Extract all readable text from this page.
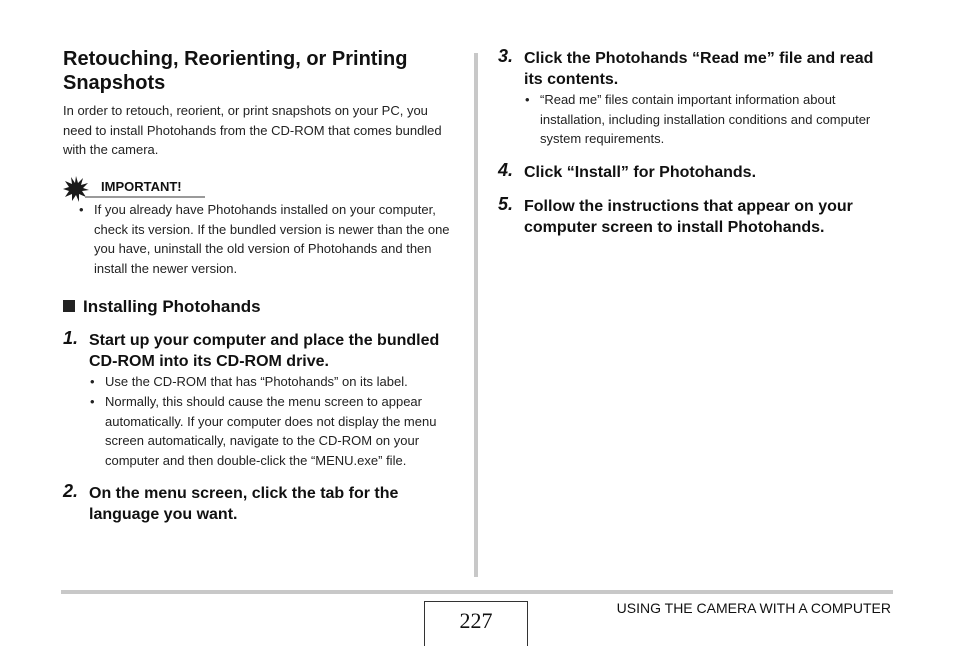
Retouching, Reorienting, or Printing Snapshots

In order to retouch, reorient, or print snapshots on your PC, you need to install Photohands from the CD-ROM that comes bundled with the camera.

IMPORTANT!
• If you already have Photohands installed on your computer, check its version. If the bundled version is newer than the one you have, uninstall the old version of Photohands and then install the newer version.
Installing Photohands
1. Start up your computer and place the bundled CD-ROM into its CD-ROM drive.
• Use the CD-ROM that has “Photohands” on its label.
• Normally, this should cause the menu screen to appear automatically. If your computer does not display the menu screen automatically, navigate to the CD-ROM on your computer and then double-click the “MENU.exe” file.
2. On the menu screen, click the tab for the language you want.
3. Click the Photohands “Read me” file and read its contents.
• “Read me” files contain important information about installation, including installation conditions and computer system requirements.
4. Click “Install” for Photohands.
5. Follow the instructions that appear on your computer screen to install Photohands.
227	USING THE CAMERA WITH A COMPUTER
